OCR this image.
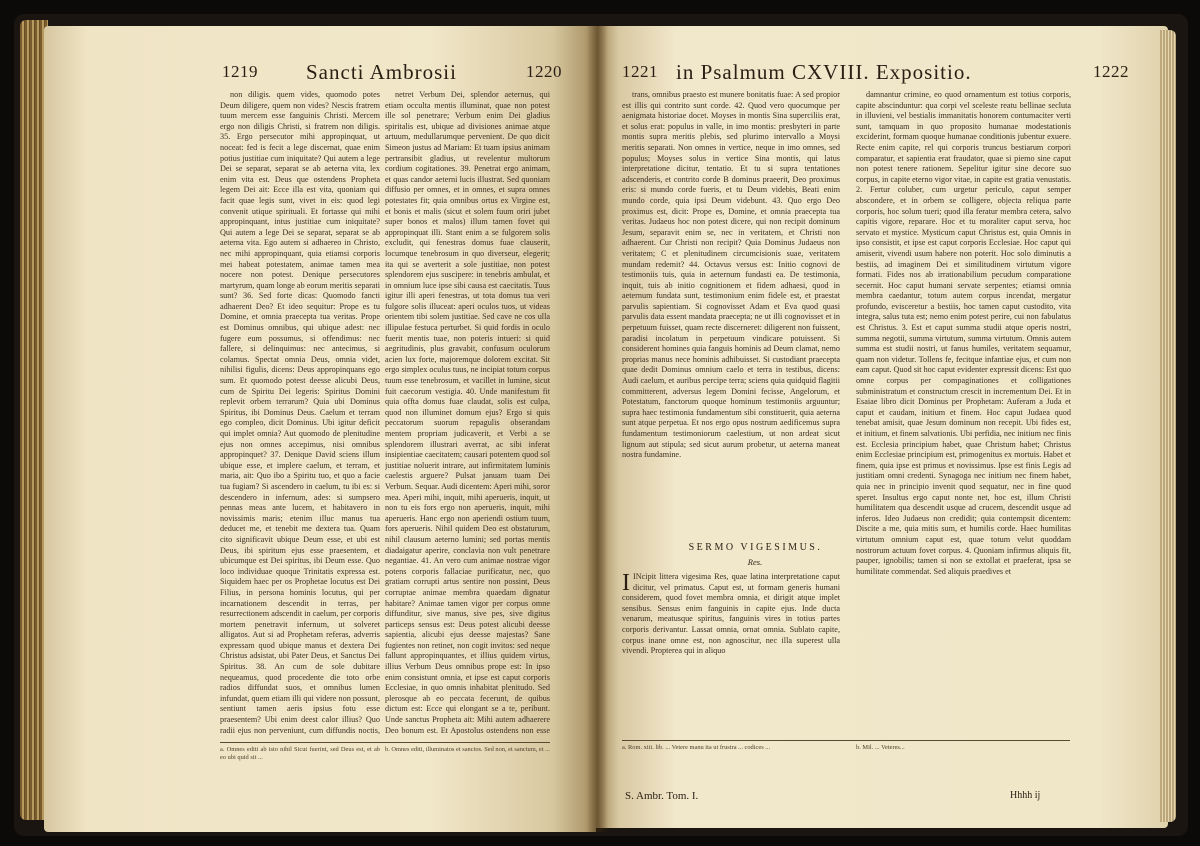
1219 Sancti Ambrosii	1220	1221 in Psalmum CXVIII. Expositio.	1222

non diligis. quem vides, quomodo potes Deum diligere, quem non vides? Nescis fratrem tuum mercem esse fanguinis Christi. Mercem ergo non diligis Christi, si fratrem non diligis. 35. Ergo persecutor mihi appropinquat, ut noceat: fed is fecit a lege discernat, quae enim potius justitiae cum iniquitate? Qui autem a lege Dei se separat, separat se ab aeterna vita, lex enim vita est. Deus que ostendens Propheta legem Dei ait: Ecce illa est vita, quoniam qui facit quae legis sunt, vivet in eis: quod legi convenit utique spirituali. Et fortasse qui mihi appropinquant, intus justitiae cum iniquitate? Qui autem a lege Dei se separat, separat se ab aeterna vita. Ego autem si adhaereo in Christo, nec mihi appropinquant, quia etiamsi corporis mei habeat potestatem, animae tamen mea nocere non potest. Denique persecutores martyrum, quam longe ab eorum meritis separati sunt? 36. Sed forte dicas: Quomodo fancti adhaerent Deo? Et ideo sequitur: Prope es tu Domine, et omnia praecepta tua veritas. Prope est Dominus omnibus, qui ubique adest: nec fugere eum possumus, si offendimus: nec fallere, si delinquimus: nec antecimus, si colamus. Spectat omnia Deus, omnia videt, nihilisi figulis, dicens: Deus appropinquans ego sum. Et quomodo potest deesse alicubi Deus, cum de Spiritu Dei legeris: Spiritus Domini replevit orbem terrarum? Quia ubi Dominus Spiritus, ibi Dominus Deus. Caelum et terram ego compleo, dicit Dominus. Ubi igitur deficit qui implet omnia? Aut quomodo de plenitudine ejus non omnes accepimus, nisi omnibus appropinquet? 37. Denique David sciens illum ubique esse, et implere caelum, et terram, et maria, ait: Quo ibo a Spiritu tuo, et quo a facie tua fugiam? Si ascendero in caelum, tu ibi es: si descendero in infernum, ades: si sumpsero pennas meas ante lucem, et habitavero in novissimis maris; etenim illuc manus tua deducet me, et tenebit me dextera tua. Quam cito significavit ubique Deum esse, et ubi est Deus, ibi spiritum ejus esse praesentem, et ubicumque est Dei spiritus, ibi Deum esse. Quo loco individuae quoque Trinitatis expressa est. Siquidem haec per os Prophetae locutus est Dei Filius, in persona hominis locutus, qui per incarnationem descendit in terras, per resurrectionem adscendit in caelum, per corporis mortem penetravit infernum, ut solveret alligatos. Aut si ad Prophetam referas, adverris expressam quod ubique manus et dextera Dei Christus adsistat, ubi Pater Deus, et Sanctus Dei Spiritus. 38. An cum de sole dubitare nequeamus, quod procedente die toto orbe radios diffundat suos, et omnibus lumen infundat, quem etiam illi qui videre non possunt, sentiunt tamen aeris ipsius fotu esse praesentem? Ubi enim deest calor illius? Quo radii ejus non perveniunt, cum diffundis noctis,

netret Verbum Dei, splendor aeternus, qui etiam occulta mentis illuminat, quae non potest ille sol penetrare; Verbum enim Dei gladius spiritalis est, ubique ad divisiones animae atque artuum, medullarumque pervenient. De quo dicit Simeon justus ad Mariam: Et tuam ipsius animam pertransibit gladius, ut revelentur multorum cordium cogitationes. 39. Penetrat ergo animam, et quas candor aeterni lucis illustrat. Sed quoniam diffusio per omnes, et in omnes, et supra omnes potestates fit; quia omnibus ortus ex Virgine est, et bonis et malis (sicut et solem fuum oriri jubet super bonos et malos) illum tamen fovet qui appropinquat illi. Stant enim a se fulgorem solis excludit, qui fenestras domus fuae clauserit, locumque tenebrosum in quo diverseur, elegerit; ita qui se averterit a sole justitiae, non potest splendorem ejus suscipere: in tenebris ambulat, et in omnium luce ipse sibi causa est caecitatis. Tuus igitur illi aperi fenestras, ut tota domus tua veri fulgore solis illuceat: aperi oculos tuos, ut videas orientem tibi solem justitiae. Sed cave ne cos ulla illipulae festuca perturbet. Si quid fordis in oculo fuerit mentis tuae, non poteris intueri: si quid aegritudinis, plus gravabit, confusum oculorum acien lux forte, majoremque dolorem excitat. Sit ergo simplex oculus tuus, ne incipiat totum corpus tuum esse tenebrosum, et vacillet in lumine, sicut fuit caecorum vestigia. 40. Unde manifestum fit quia offta domus fuae claudat, solis est culpa, quod non illuminet domum ejus? Ergo si quis peccatorum suorum repagulis obserandam mentem propriam judicaverit, et Verbi a se splendorem illustrari averrat, ac sibi inferat insipientiae caecitatem; causari potentem quod sol justitiae noluerit intrare, aut infirmitatem luminis caelestis arguere? Pulsat januam tuam Dei Verbum. Sequar. Audi dicentem: Aperi mihi, soror mea. Aperi mihi, inquit, mihi aperueris, inquit, ut non tu eis fors ergo non aperueris, inquit, mihi aperueris. Hanc ergo non aperiendi ostium tuum, fors aperueris. Nihil quidem Deo est obstaturum, nihil clausum aeterno lumini; sed portas mentis diadaigatur aperire, conclavia non vult penetrare negantiae. 41. An vero cum animae nostrae vigor potens corporis fallaciae purificatur, nec, quo gratiam corrupti artus sentire non possint, Deus corruptae animae membra quaedam dignatur habitare? Animae tamen vigor per corpus omne diffunditur, sive manus, sive pes, sive digitus particeps sensus est: Deus potest alicubi deesse sapientia, alicubi ejus deesse majestas? Sane fugientes non retinet, non cogit invitos: sed neque fallunt appropinquantes, et illius quidem virtus, illius Verbum Deus omnibus prope est: In ipso enim consistunt omnia, et ipse est caput corporis Ecclesiae, in quo omnis inhabitat plenitudo. Sed plerosque ab eo peccata fecerunt, de quibus dictum est: Ecce qui elongant se a te, peribunt. Unde sanctus Propheta ait: Mihi autem adhaerere Deo bonum est. Et Apostolus ostendens non esse

a. Omnes editi ab isto nihil Sicut fuerint, sed Deus est, et ab eo ubi quid sit ...
b. Omnes editi, illuminatos et sanctos. Sed non, et sanctum, et ...

trans, omnibus praesto est munere bonitatis fuae: A sed propior est illis qui contrito sunt corde. 42. Quod vero quocumque per aenigmata historiae docet. Moyses in montis Sina superciliis erat, et solus erat: populus in valle, in imo montis: presbyteri in parte montis supra meritis plebis, sed plurimo intervallo a Moysi meritis separati. Non omnes in vertice, neque in imo omnes, sed populus; Moyses solus in vertice Sina montis, qui latus interpretatione dicitur, tentatio. Et tu si supra tentationes adscenderis, et contrito corde B dominus praeerit, Deo proximus eris: si mundo corde fueris, et tu Deum videbis, Beati enim mundo corde, quia ipsi Deum videbunt. 43. Quo ergo Deo proximus est, dicit: Prope es, Domine, et omnia praecepta tua veritas. Judaeus hoc non potest dicere, qui non recipit dominum Jesum, separavit enim se, nec in veritatem, et Christi non adhaerent. Cur Christi non recipit? Quia Dominus Judaeus non veritatem; C et plenitudinem circumcisionis suae, veritatem mundam redemit? 44. Octavus versus est: Initio cognovi de testimoniis tuis, quia in aeternum fundasti ea. De testimonia, inquit, tuis ab initio cognitionem et fidem adhaesi, quod in aeternum fundata sunt, testimonium enim fidele est, et praestat parvulis sapientiam. Si cognovisset Adam et Eva quod quasi parvulis data essent mandata praecepta; ne ut illi cognovisset et in perpetuum fuisset, quam recte discerneret: diligerent non fuissent, paradisi incolatum in perpetuum vindicare potuissent. Si considerent homines quia fanguis hominis ad Deum clamat, nemo proprias manus nece hominis adhibuisset. Si custodiant praecepta quae dedit Dominus omnium caelo et terra in testibus, dicens: Audi caelum, et auribus percipe terra; sciens quia quidquid flagitii committerent, adversus legem Domini fecisse, Angelorum, et Potestatum, fanctorum quoque hominum testimoniis arguuntur; supra haec testimonia fundamentum sibi constituerit, quia aeterna sunt atque perpetua. Et nos ergo opus nostrum aedificemus supra fundamentum testimoniorum caelestium, ut non ardeat sicut lignum aut stipula; sed sicut aurum probetur, ut aeterna maneat nostra fundamine.

SERMO VIGESIMUS.
Res.
I INcipit littera vigesima Res, quae latina interpretatione caput dicitur, vel primatus. Caput est, ut formam generis humani considerem, quod fovet membra omnia, et dirigit atque implet sensibus. Sensus enim fanguinis in capite ejus. Inde ducta venarum, meatusque spiritus, fanguinis vires in totius partes corporis derivantur. Lassat omnia, ornat omnia. Sublato capite, corpus inane omne est, non agnoscitur, nec illa superest ulla vivendi. Propterea qui in aliquo

damnantur crimine, eo quod ornamentum est totius corporis, capite abscinduntur: qua corpi vel sceleste reatu bellinae secluta in illuvieni, vel bestialis immanitatis honorem contumaciter verti sunt, tamquam in quo proposito humanae modestationis exciderint, formam quoque humanae conditionis jubentur exuere. Recte enim capite, rel qui corporis truncus bestiarum corpori comparatur, et sapientia erat fraudator, quae si piemo sine caput non potest tenere rationem. Sepelitur igitur sine decore suo corpus, in capite eterno vigor vitae, in capite est gratia venustatis. 2. Fertur coluber, cum urgetur periculo, caput semper abscondere, et in orbem se colligere, objecta reliqua parte corporis, hoc solum tueri; quod illa feratur membra cetera, salvo capitis vigore, reparare. Hoc et tu moraliter caput serva, hoc servato et mystice. Mysticum caput Christus est, quia Omnis in ipso consistit, et ipse est caput corporis Ecclesiae. Hoc caput qui amiserit, vivendi usum habere non poterit. Hoc solo diminutis a bestiis, ad imaginem Dei et similitudinem virtutum vigore formati. Fides nos ab irrationabilium pecudum comparatione secernit. Hoc caput humani servate serpentes; etiamsi omnia membra caedantur, totum autem corpus incendat, mergatur profundo, evisceretur a bestiis, hoc tamen caput custodito, vita integra, salus tuta est; nemo enim potest perire, cui non fabulatus est Christus. 3. Est et caput summa studii atque operis nostri, summa negotii, summa virtutum, summa virtutum. Omnis autem summa est studii nostri, ut fanus humiles, veritatem sequamur, quam non videtur. Tollens fe, fecitque infantiae ejus, et cum non eam caput. Quod sit hoc caput evidenter expressit dicens: Est quo omne corpus per compaginationes et colligationes subministratum et constructum crescit in incrementum Dei. Et in Esaiae libro dicit Dominus per Prophetam: Auferam a Juda et caput et caudam, initium et finem. Hoc caput Judaea quod tenebat amisit, quae Jesum dominum non recepit. Ubi fides est, et initium, et finem salvationis. Ubi perfidia, nec initium nec finis est. Ecclesia principium habet, quae Christum habet; Christus enim Ecclesiae principium est, primogenitus ex mortuis. Habet et finem, quia ipse est primus et novissimus. Ipse est finis Legis ad justitiam omni credenti. Synagoga nec initium nec finem habet, quia nec in principio invenit quod sequatur, nec in fine quod speret. Insultus ergo caput nonte net, hoc est, illum Christi humilitatem qua descendit usque ad crucem, descendit usque ad inferos. Ideo Judaeus non credidit; quia contempsit dicentem: Discite a me, quia mitis sum, et humilis corde. Haec humilitas virtutum omnium caput est, quae totum velut quoddam nostrorum actuum fovet corpus. 4. Quoniam infirmus aliquis fit, pauper, ignobilis; tamen si non se extollat et praeferat, ipsa se humilitate commendat. Sed aliquis praedives et

a. Rom. xiii. lib. ... Vetere manu ita ut frustra ... codices ...	b. Mil. ... Veteres...
S. Ambr. Tom. I.	Hhhh ij
